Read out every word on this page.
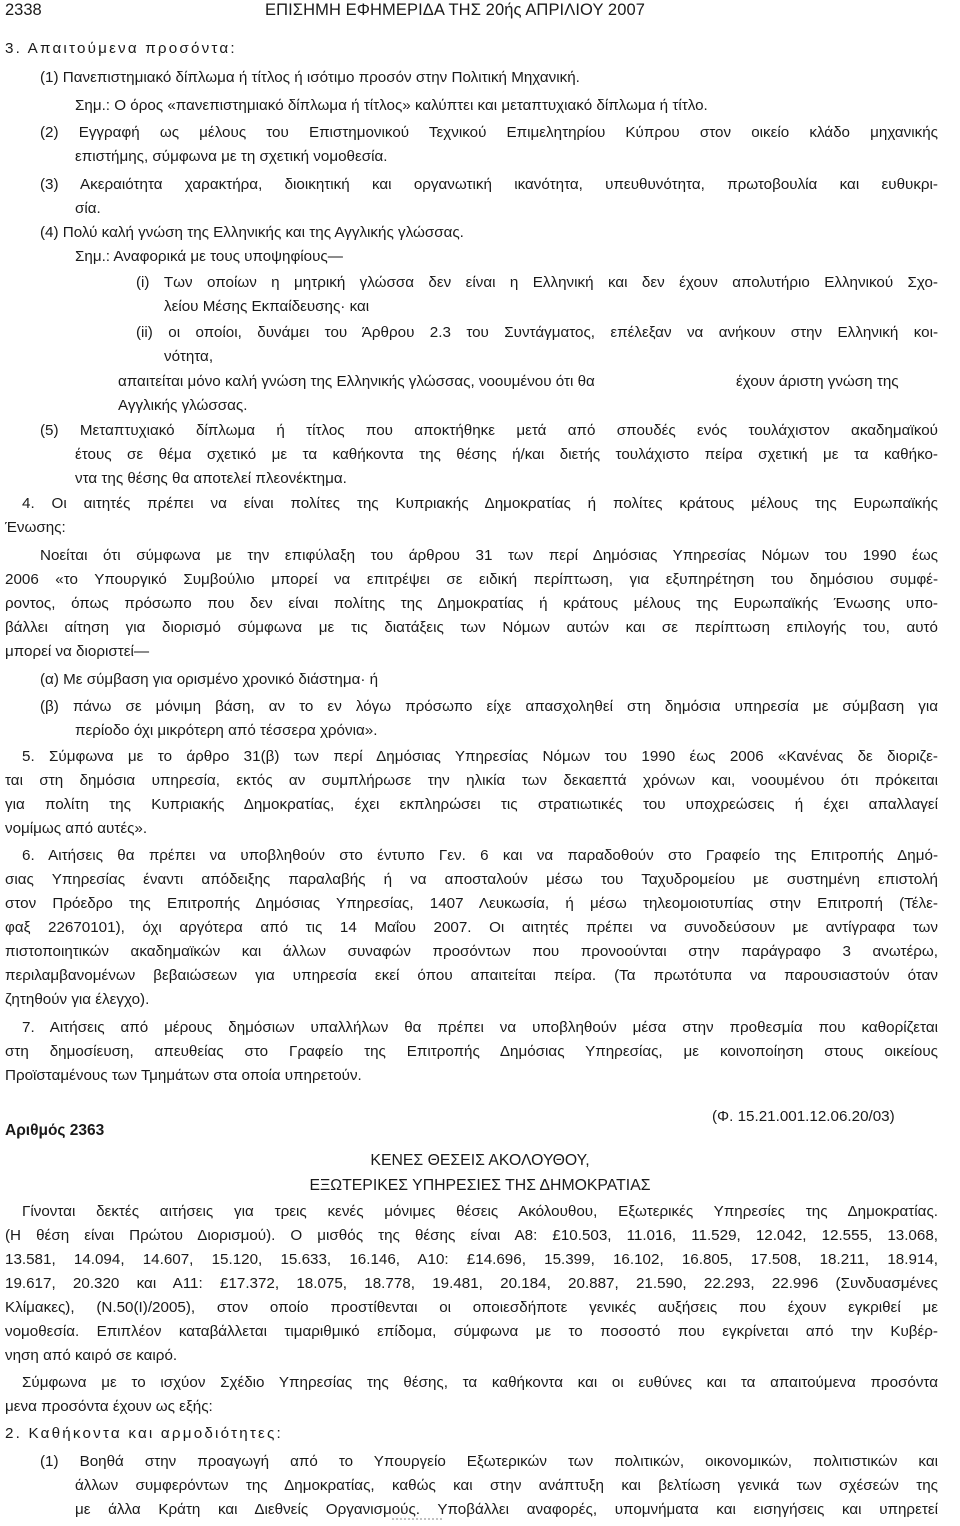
2338	ΕΠΙΣΗΜΗ ΕΦΗΜΕΡΙΔΑ ΤΗΣ 20ής ΑΠΡΙΛΙΟΥ 2007
3. Απαιτούμενα προσόντα:
(1) Πανεπιστημιακό δίπλωμα ή τίτλος ή ισότιμο προσόν στην Πολιτική Μηχανική.
Σημ.: Ο όρος «πανεπιστημιακό δίπλωμα ή τίτλος» καλύπτει και μεταπτυχιακό δίπλωμα ή τίτλο.
(2) Εγγραφή ως μέλους του Επιστημονικού Τεχνικού Επιμελητηρίου Κύπρου στον οικείο κλάδο μηχανικής
επιστήμης, σύμφωνα με τη σχετική νομοθεσία.
(3) Ακεραιότητα χαρακτήρα, διοικητική και οργανωτική ικανότητα, υπευθυνότητα, πρωτοβουλία και ευθυκρι-
σία.
(4) Πολύ καλή γνώση της Ελληνικής και της Αγγλικής γλώσσας.
Σημ.: Αναφορικά με τους υποψηφίους—
(i) Των οποίων η μητρική γλώσσα δεν είναι η Ελληνική και δεν έχουν απολυτήριο Ελληνικού Σχο-
λείου Μέσης Εκπαίδευσης· και
(ii) οι οποίοι, δυνάμει του Άρθρου 2.3 του Συντάγματος, επέλεξαν να ανήκουν στην Ελληνική κοι-
νότητα,
απαιτείται μόνο καλή γνώση της Ελληνικής γλώσσας, νοουμένου ότι θα	έχουν άριστη γνώση της
Αγγλικής γλώσσας.
(5) Μεταπτυχιακό δίπλωμα ή τίτλος που αποκτήθηκε μετά από σπουδές ενός τουλάχιστον ακαδημαϊκού
έτους σε θέμα σχετικό με τα καθήκοντα της θέσης ή/και διετής τουλάχιστο πείρα σχετική με τα καθήκο-
ντα της θέσης θα αποτελεί πλεονέκτημα.
4. Οι αιτητές πρέπει να είναι πολίτες της Κυπριακής Δημοκρατίας ή πολίτες κράτους μέλους της Ευρωπαϊκής
Ένωσης:
Νοείται ότι σύμφωνα με την επιφύλαξη του άρθρου 31 των περί Δημόσιας Υπηρεσίας Νόμων του 1990 έως
2006 «το Υπουργικό Συμβούλιο μπορεί να επιτρέψει σε ειδική περίπτωση, για εξυπηρέτηση του δημόσιου συμφέ-
ροντος, όπως πρόσωπο που δεν είναι πολίτης της Δημοκρατίας ή κράτους μέλους της Ευρωπαϊκής Ένωσης υπο-
βάλλει αίτηση για διορισμό σύμφωνα με τις διατάξεις των Νόμων αυτών και σε περίπτωση επιλογής του, αυτό
μπορεί να διοριστεί—
(α) Με σύμβαση για ορισμένο χρονικό διάστημα· ή
(β) πάνω σε μόνιμη βάση, αν το εν λόγω πρόσωπο είχε απασχοληθεί στη δημόσια υπηρεσία με σύμβαση για
περίοδο όχι μικρότερη από τέσσερα χρόνια».
5. Σύμφωνα με το άρθρο 31(β) των περί Δημόσιας Υπηρεσίας Νόμων του 1990 έως 2006 «Κανένας δε διοριζε-
ται στη δημόσια υπηρεσία, εκτός αν συμπλήρωσε την ηλικία των δεκαεπτά χρόνων και, νοουμένου ότι πρόκειται
για πολίτη της Κυπριακής Δημοκρατίας, έχει εκπληρώσει τις στρατιωτικές του υποχρεώσεις ή έχει απαλλαγεί
νομίμως από αυτές».
6. Αιτήσεις θα πρέπει να υποβληθούν στο έντυπο Γεν. 6 και να παραδοθούν στο Γραφείο της Επιτροπής Δημό-
σιας Υπηρεσίας έναντι απόδειξης παραλαβής ή να αποσταλούν μέσω του Ταχυδρομείου με συστημένη επιστολή
στον Πρόεδρο της Επιτροπής Δημόσιας Υπηρεσίας, 1407 Λευκωσία, ή μέσω τηλεομοιοτυπίας στην Επιτροπή (Τέλε-
φαξ 22670101), όχι αργότερα από τις 14 Μαΐου 2007. Οι αιτητές πρέπει να συνοδεύσουν με αντίγραφα των
πιστοποιητικών ακαδημαϊκών και άλλων συναφών προσόντων που προνοούνται στην παράγραφο 3 ανωτέρω,
περιλαμβανομένων βεβαιώσεων για υπηρεσία εκεί όπου απαιτείται πείρα. (Τα πρωτότυπα να παρουσιαστούν όταν
ζητηθούν για έλεγχο).
7. Αιτήσεις από μέρους δημόσιων υπαλλήλων θα πρέπει να υποβληθούν μέσα στην προθεσμία που καθορίζεται
στη δημοσίευση, απευθείας στο Γραφείο της Επιτροπής Δημόσιας Υπηρεσίας, με κοινοποίηση στους οικείους
Προϊσταμένους των Τμημάτων στα οποία υπηρετούν.
(Φ. 15.21.001.12.06.20/03)
Αριθμός 2363
ΚΕΝΕΣ ΘΕΣΕΙΣ ΑΚΟΛΟΥΘΟΥ,
ΕΞΩΤΕΡΙΚΕΣ ΥΠΗΡΕΣΙΕΣ ΤΗΣ ΔΗΜΟΚΡΑΤΙΑΣ
Γίνονται δεκτές αιτήσεις για τρεις κενές μόνιμες θέσεις Ακόλουθου, Εξωτερικές Υπηρεσίες της Δημοκρατίας.
(Η θέση είναι Πρώτου Διορισμού). Ο μισθός της θέσης είναι Α8: £10.503, 11.016, 11.529, 12.042, 12.555, 13.068,
13.581, 14.094, 14.607, 15.120, 15.633, 16.146, Α10: £14.696, 15.399, 16.102, 16.805, 17.508, 18.211, 18.914,
19.617, 20.320 και Α11: £17.372, 18.075, 18.778, 19.481, 20.184, 20.887, 21.590, 22.293, 22.996 (Συνδυασμένες
Κλίμακες), (Ν.50(Ι)/2005), στον οποίο προστίθενται οι οποιεσδήποτε γενικές αυξήσεις που έχουν εγκριθεί με
νομοθεσία. Επιπλέον καταβάλλεται τιμαριθμικό επίδομα, σύμφωνα με το ποσοστό που εγκρίνεται από την Κυβέρ-
νηση από καιρό σε καιρό.
Σύμφωνα με το ισχύον Σχέδιο Υπηρεσίας της θέσης, τα καθήκοντα και οι ευθύνες και τα απαιτούμενα προσόντα
μενα προσόντα έχουν ως εξής:
2. Καθήκοντα και αρμοδιότητες:
(1) Βοηθά στην προαγωγή από το Υπουργείο Εξωτερικών των πολιτικών, οικονομικών, πολιτιστικών και
άλλων συμφερόντων της Δημοκρατίας, καθώς και στην ανάπτυξη και βελτίωση γενικά των σχέσεών της
με άλλα Κράτη και Διεθνείς Οργανισμούς. Υποβάλλει αναφορές, υπομνήματα και εισηγήσεις και υπηρετεί
